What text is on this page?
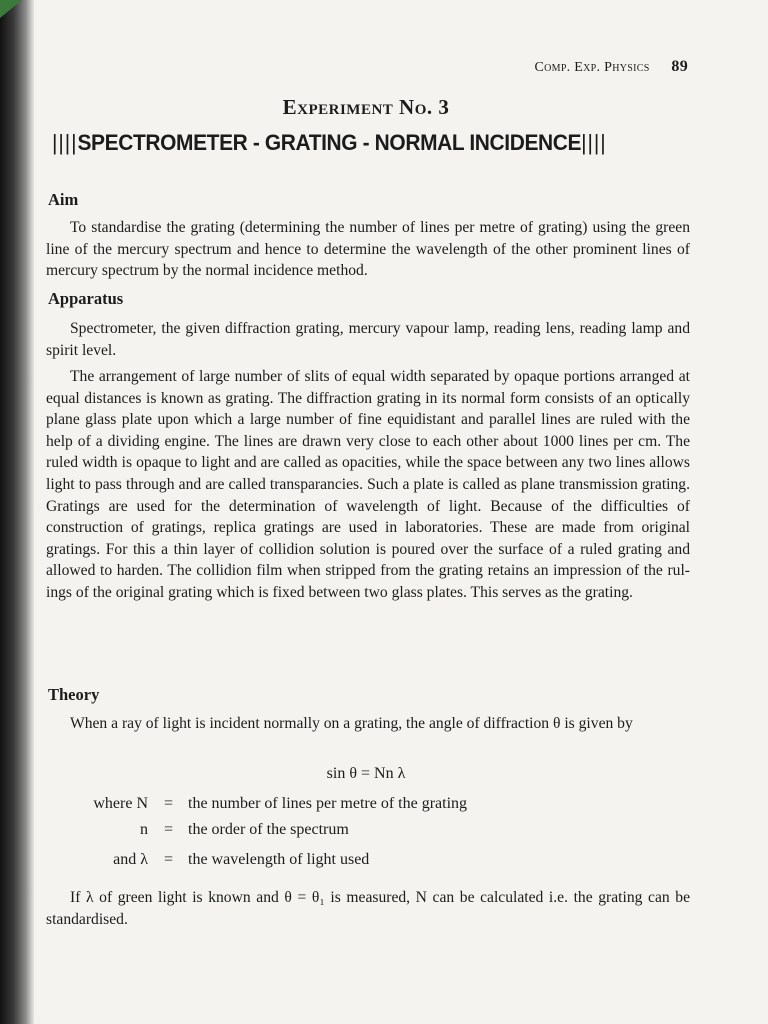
Comp. Exp. Physics 89
Experiment No. 3
||||SPECTROMETER - GRATING - NORMAL INCIDENCE||||
Aim
To standardise the grating (determining the number of lines per metre of grating) using the green line of the mercury spectrum and hence to determine the wavelength of the other prominent lines of mercury spectrum by the normal incidence method.
Apparatus
Spectrometer, the given diffraction grating, mercury vapour lamp, reading lens, reading lamp and spirit level.
The arrangement of large number of slits of equal width separated by opaque portions arranged at equal distances is known as grating. The diffraction grating in its normal form consists of an optically plane glass plate upon which a large number of fine equidistant and parallel lines are ruled with the help of a dividing engine. The lines are drawn very close to each other about 1000 lines per cm. The ruled width is opaque to light and are called as opacities, while the space between any two lines allows light to pass through and are called transparancies. Such a plate is called as plane transmission grating. Gratings are used for the determination of wavelength of light. Because of the difficulties of construction of gratings, replica gratings are used in laboratories. These are made from original gratings. For this a thin layer of collidion solution is poured over the surface of a ruled grating and allowed to harden. The collidion film when stripped from the grating retains an impression of the rul-ings of the original grating which is fixed between two glass plates. This serves as the grating.
Theory
When a ray of light is incident normally on a grating, the angle of diffraction θ is given by
sin θ = Nn λ
where N = the number of lines per metre of the grating
n = the order of the spectrum
and λ = the wavelength of light used
If λ of green light is known and θ = θ₁ is measured, N can be calculated i.e. the grating can be standardised.
